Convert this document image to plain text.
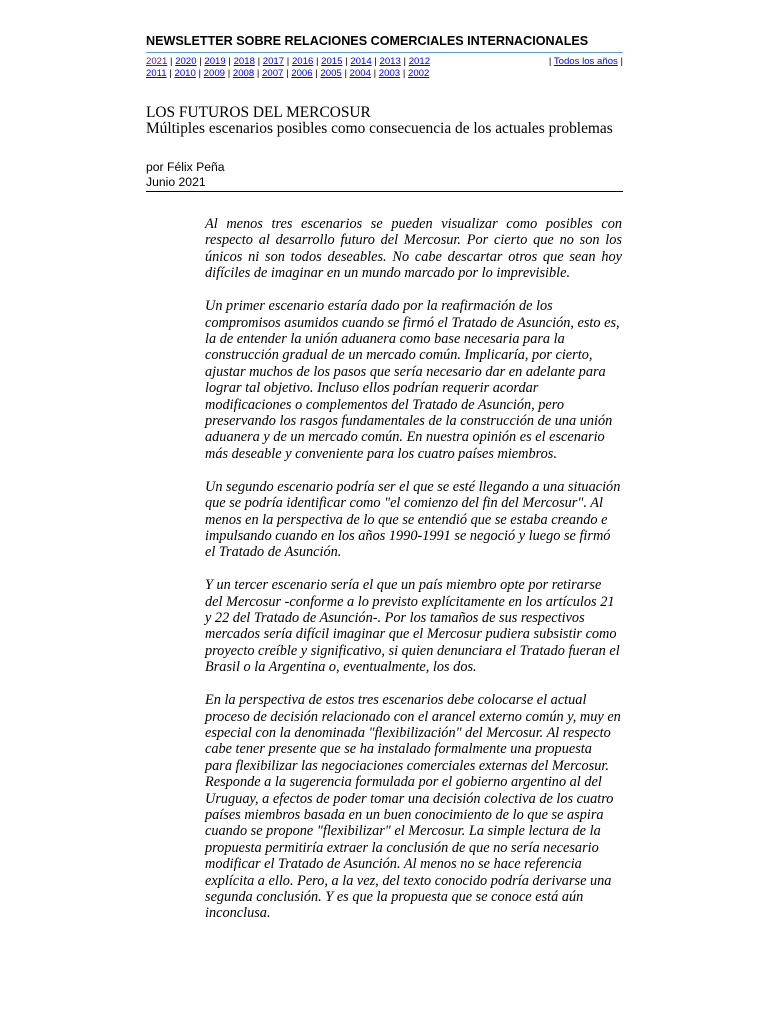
NEWSLETTER SOBRE RELACIONES COMERCIALES INTERNACIONALES
2021 | 2020 | 2019 | 2018 | 2017 | 2016 | 2015 | 2014 | 2013 | 2012
2011 | 2010 | 2009 | 2008 | 2007 | 2006 | 2005 | 2004 | 2003 | 2002
| Todos los años |
LOS FUTUROS DEL MERCOSUR
Múltiples escenarios posibles como consecuencia de los actuales problemas
por Félix Peña
Junio 2021

Al menos tres escenarios se pueden visualizar como posibles con respecto al desarrollo futuro del Mercosur. Por cierto que no son los únicos ni son todos deseables. No cabe descartar otros que sean hoy difíciles de imaginar en un mundo marcado por lo imprevisible.

Un primer escenario estaría dado por la reafirmación de los compromisos asumidos cuando se firmó el Tratado de Asunción, esto es, la de entender la unión aduanera como base necesaria para la construcción gradual de un mercado común. Implicaría, por cierto, ajustar muchos de los pasos que sería necesario dar en adelante para lograr tal objetivo. Incluso ellos podrían requerir acordar modificaciones o complementos del Tratado de Asunción, pero preservando los rasgos fundamentales de la construcción de una unión aduanera y de un mercado común. En nuestra opinión es el escenario más deseable y conveniente para los cuatro países miembros.

Un segundo escenario podría ser el que se esté llegando a una situación que se podría identificar como "el comienzo del fin del Mercosur". Al menos en la perspectiva de lo que se entendió que se estaba creando e impulsando cuando en los años 1990-1991 se negoció y luego se firmó el Tratado de Asunción.

Y un tercer escenario sería el que un país miembro opte por retirarse del Mercosur -conforme a lo previsto explícitamente en los artículos 21 y 22 del Tratado de Asunción-. Por los tamaños de sus respectivos mercados sería difícil imaginar que el Mercosur pudiera subsistir como proyecto creíble y significativo, si quien denunciara el Tratado fueran el Brasil o la Argentina o, eventualmente, los dos.

En la perspectiva de estos tres escenarios debe colocarse el actual proceso de decisión relacionado con el arancel externo común y, muy en especial con la denominada "flexibilización" del Mercosur. Al respecto cabe tener presente que se ha instalado formalmente una propuesta para flexibilizar las negociaciones comerciales externas del Mercosur. Responde a la sugerencia formulada por el gobierno argentino al del Uruguay, a efectos de poder tomar una decisión colectiva de los cuatro países miembros basada en un buen conocimiento de lo que se aspira cuando se propone "flexibilizar" el Mercosur. La simple lectura de la propuesta permitiría extraer la conclusión de que no sería necesario modificar el Tratado de Asunción. Al menos no se hace referencia explícita a ello. Pero, a la vez, del texto conocido podría derivarse una segunda conclusión. Y es que la propuesta que se conoce está aún inconclusa.
